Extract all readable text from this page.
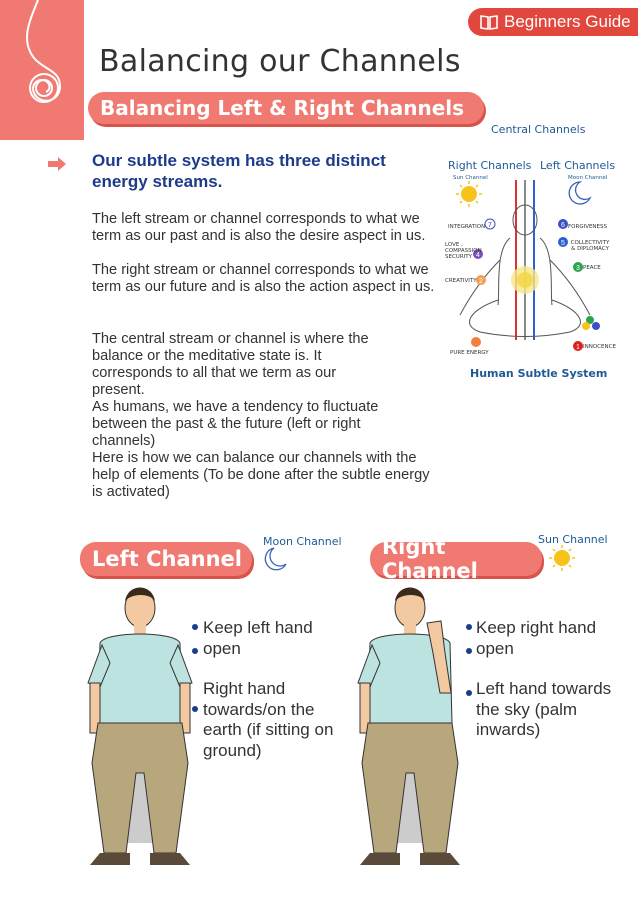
Beginners Guide
Balancing our Channels
Balancing Left & Right Channels
Our subtle system has three distinct energy streams.
The left stream or channel corresponds to what we term as our past and is also the desire aspect in us.
The right stream or channel corresponds to what we term as our future and is also the action aspect in us.
The central stream or channel is where the balance or the meditative state is. It corresponds to all that we term as our present.
As humans, we have a tendency to fluctuate between the past & the future (left or right channels)
Here is how we can balance our channels with the help of elements (To be done after the subtle energy is activated)
Central Channels
Right Channels Left Channels
Sun Channel	Moon Channel
7	6
5
4
3
2
1
INTEGRATION	FORGIVENESS
COLLECTIVITY & DIPLOMACY
LOVE , COMPASSION SECURITY
PEACE
CREATIVITY
INNOCENCE
PURE ENERGY
Human Subtle System
Left Channel
Moon Channel Right Channel
Sun Channel
Keep left hand open
Right hand towards/on the earth (if sitting on ground)
Keep right hand open
Left hand towards the sky (palm inwards)
